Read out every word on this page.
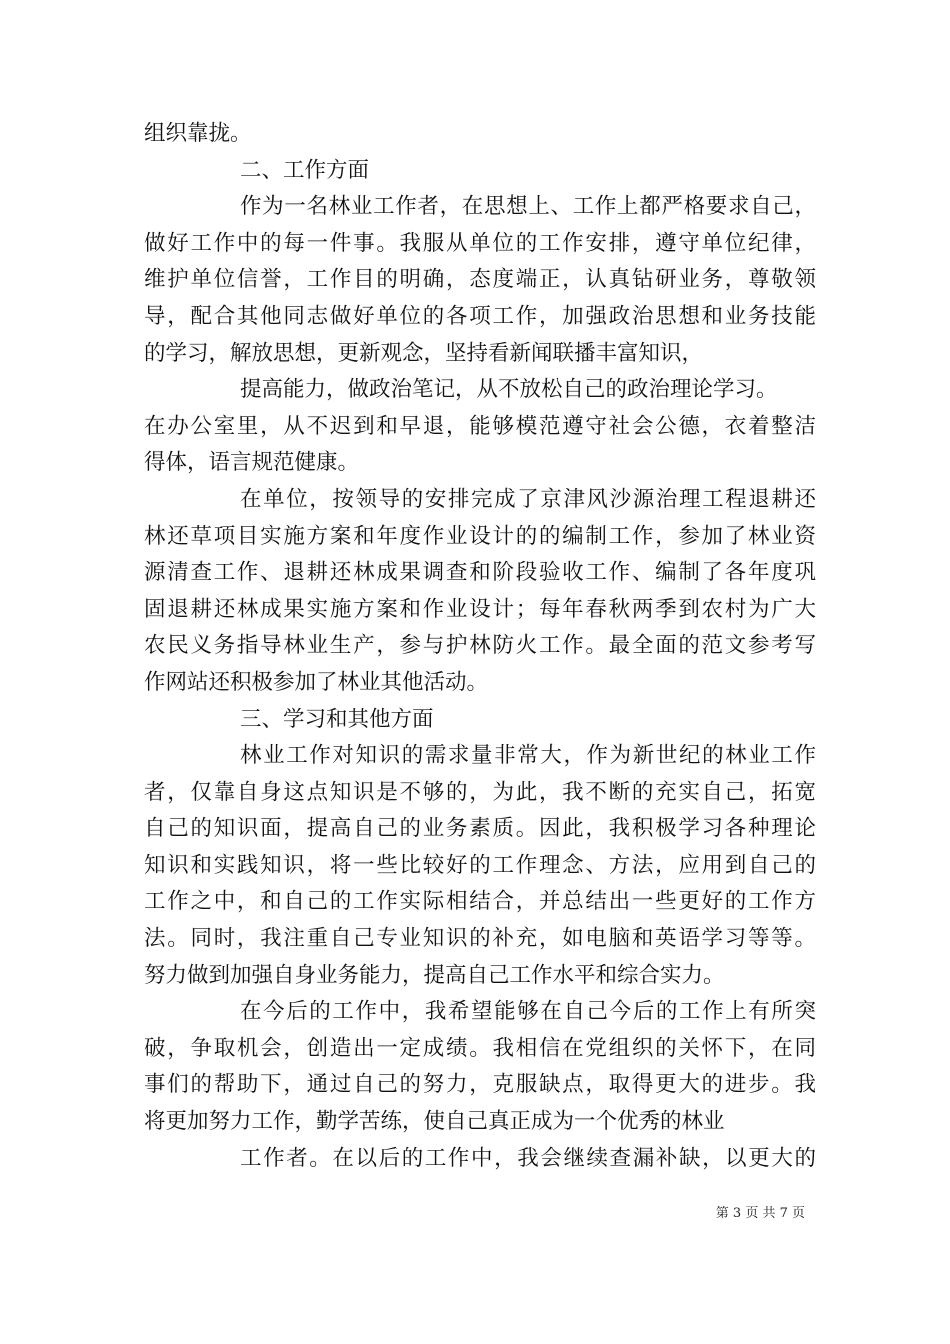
组织靠拢。
二、工作方面
作为一名林业工作者，在思想上、工作上都严格要求自己，
做好工作中的每一件事。我服从单位的工作安排，遵守单位纪律，
维护单位信誉，工作目的明确，态度端正，认真钻研业务，尊敬领
导，配合其他同志做好单位的各项工作，加强政治思想和业务技能
的学习，解放思想，更新观念，坚持看新闻联播丰富知识，
提高能力，做政治笔记，从不放松自己的政治理论学习。
在办公室里，从不迟到和早退，能够模范遵守社会公德，衣着整洁
得体，语言规范健康。
在单位，按领导的安排完成了京津风沙源治理工程退耕还
林还草项目实施方案和年度作业设计的的编制工作，参加了林业资
源清查工作、退耕还林成果调查和阶段验收工作、编制了各年度巩
固退耕还林成果实施方案和作业设计；每年春秋两季到农村为广大
农民义务指导林业生产，参与护林防火工作。最全面的范文参考写
作网站还积极参加了林业其他活动。
三、学习和其他方面
林业工作对知识的需求量非常大，作为新世纪的林业工作
者，仅靠自身这点知识是不够的，为此，我不断的充实自己，拓宽
自己的知识面，提高自己的业务素质。因此，我积极学习各种理论
知识和实践知识，将一些比较好的工作理念、方法，应用到自己的
工作之中，和自己的工作实际相结合，并总结出一些更好的工作方
法。同时，我注重自己专业知识的补充，如电脑和英语学习等等。
努力做到加强自身业务能力，提高自己工作水平和综合实力。
在今后的工作中，我希望能够在自己今后的工作上有所突
破，争取机会，创造出一定成绩。我相信在党组织的关怀下，在同
事们的帮助下，通过自己的努力，克服缺点，取得更大的进步。我
将更加努力工作，勤学苦练，使自己真正成为一个优秀的林业
工作者。在以后的工作中，我会继续查漏补缺，以更大的
第 3 页 共 7 页
